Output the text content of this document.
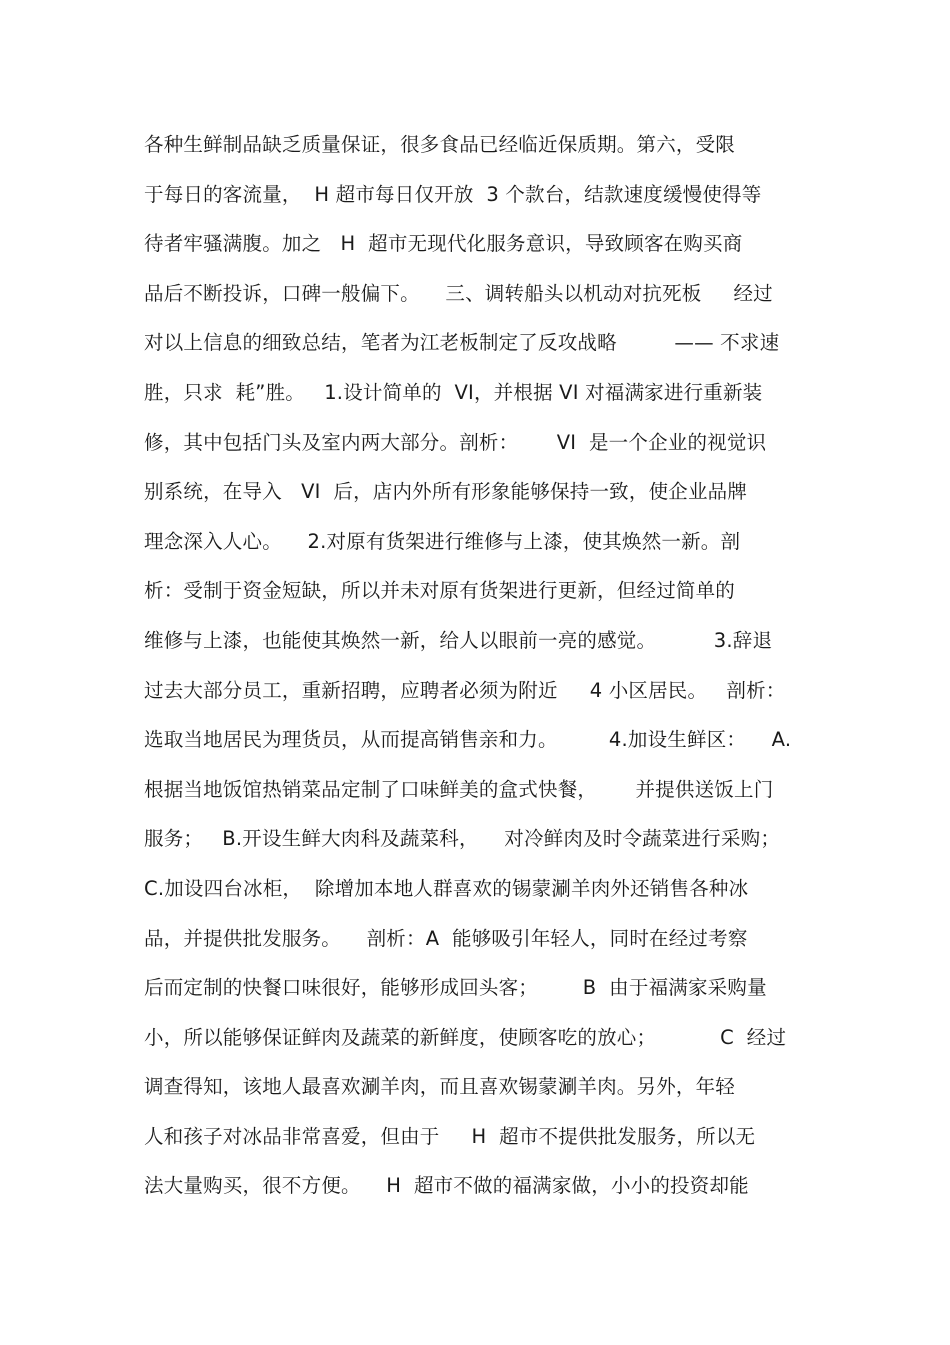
各种生鲜制品缺乏质量保证，很多食品已经临近保质期。第六，受限
于每日的客流量，  H 超市每日仅开放  3 个款台，结款速度缓慢使得等
待者牢骚满腹。加之   H  超市无现代化服务意识，导致顾客在购买商
品后不断投诉，口碑一般偏下。    三、调转船头以机动对抗死板     经过
对以上信息的细致总结，笔者为江老板制定了反攻战略         —— 不求速
胜，只求  耗”胜。   1.设计简单的  VI，并根据 VI 对福满家进行重新装
修，其中包括门头及室内两大部分。剖析：      VI  是一个企业的视觉识
别系统，在导入   VI  后，店内外所有形象能够保持一致，使企业品牌
理念深入人心。    2.对原有货架进行维修与上漆，使其焕然一新。剖
析：受制于资金短缺，所以并未对原有货架进行更新，但经过简单的
维修与上漆，也能使其焕然一新，给人以眼前一亮的感觉。         3.辞退
过去大部分员工，重新招聘，应聘者必须为附近     4 小区居民。   剖析：
选取当地居民为理货员，从而提高销售亲和力。        4.加设生鲜区：    A.
根据当地饭馆热销菜品定制了口味鲜美的盒式快餐，      并提供送饭上门
服务；   B.开设生鲜大肉科及蔬菜科，    对冷鲜肉及时令蔬菜进行采购；
C.加设四台冰柜，  除增加本地人群喜欢的锡蒙涮羊肉外还销售各种冰
品，并提供批发服务。    剖析：A  能够吸引年轻人，同时在经过考察
后而定制的快餐口味很好，能够形成回头客；       B  由于福满家采购量
小，所以能够保证鲜肉及蔬菜的新鲜度，使顾客吃的放心；          C  经过
调查得知，该地人最喜欢涮羊肉，而且喜欢锡蒙涮羊肉。另外，年轻
人和孩子对冰品非常喜爱，但由于     H  超市不提供批发服务，所以无
法大量购买，很不方便。    H  超市不做的福满家做，小小的投资却能
